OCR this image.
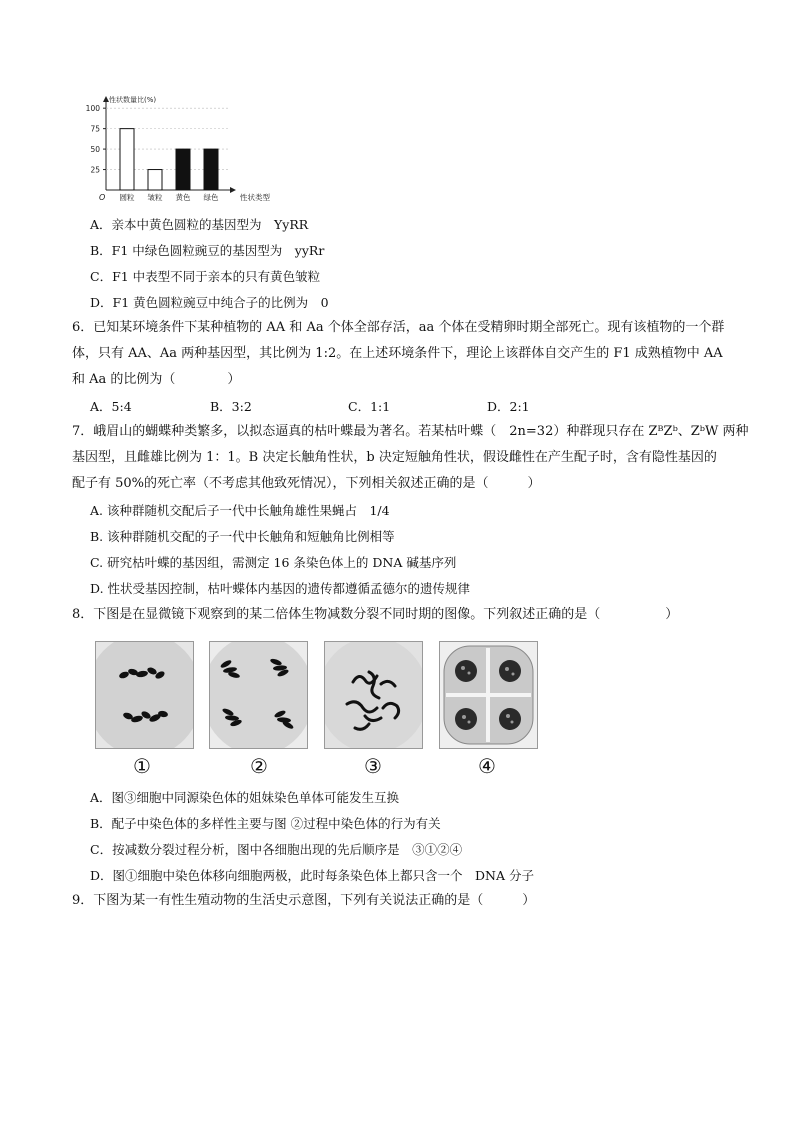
性状数量比(%)
25
50
75
100
O 圆粒 皱粒 黄色 绿色	性状类型
A．亲本中黄色圆粒的基因型为　YyRR
B．F1 中绿色圆粒豌豆的基因型为　yyRr
C．F1 中表型不同于亲本的只有黄色皱粒
D．F1 黄色圆粒豌豆中纯合子的比例为　0
6．已知某环境条件下某种植物的 AA 和 Aa 个体全部存活，aa 个体在受精卵时期全部死亡。现有该植物的一个群
体，只有 AA、Aa 两种基因型，其比例为 1:2。在上述环境条件下，理论上该群体自交产生的 F1 成熟植物中 AA
和 Aa 的比例为（　　　　）
A．5:4	B．3:2	C．1:1	D．2:1
7．峨眉山的蝴蝶种类繁多，以拟态逼真的枯叶蝶最为著名。若某枯叶蝶（　2n=32）种群现只存在 ZᴮZᵇ、ZᵇW 两种
基因型，且雌雄比例为 1：1。B 决定长触角性状，b 决定短触角性状，假设雌性在产生配子时，含有隐性基因的
配子有 50%的死亡率（不考虑其他致死情况），下列相关叙述正确的是（　　　）
A. 该种群随机交配后子一代中长触角雄性果蝇占　1/4
B. 该种群随机交配的子一代中长触角和短触角比例相等
C. 研究枯叶蝶的基因组，需测定 16 条染色体上的 DNA 碱基序列
D. 性状受基因控制，枯叶蝶体内基因的遗传都遵循孟德尔的遗传规律
8．下图是在显微镜下观察到的某二倍体生物减数分裂不同时期的图像。下列叙述正确的是（　　　　　）
①	②	③	④
A．图③细胞中同源染色体的姐妹染色单体可能发生互换
B．配子中染色体的多样性主要与图 ②过程中染色体的行为有关
C．按减数分裂过程分析，图中各细胞出现的先后顺序是　③①②④
D．图①细胞中染色体移向细胞两极，此时每条染色体上都只含一个　DNA 分子
9．下图为某一有性生殖动物的生活史示意图，下列有关说法正确的是（　　　）
